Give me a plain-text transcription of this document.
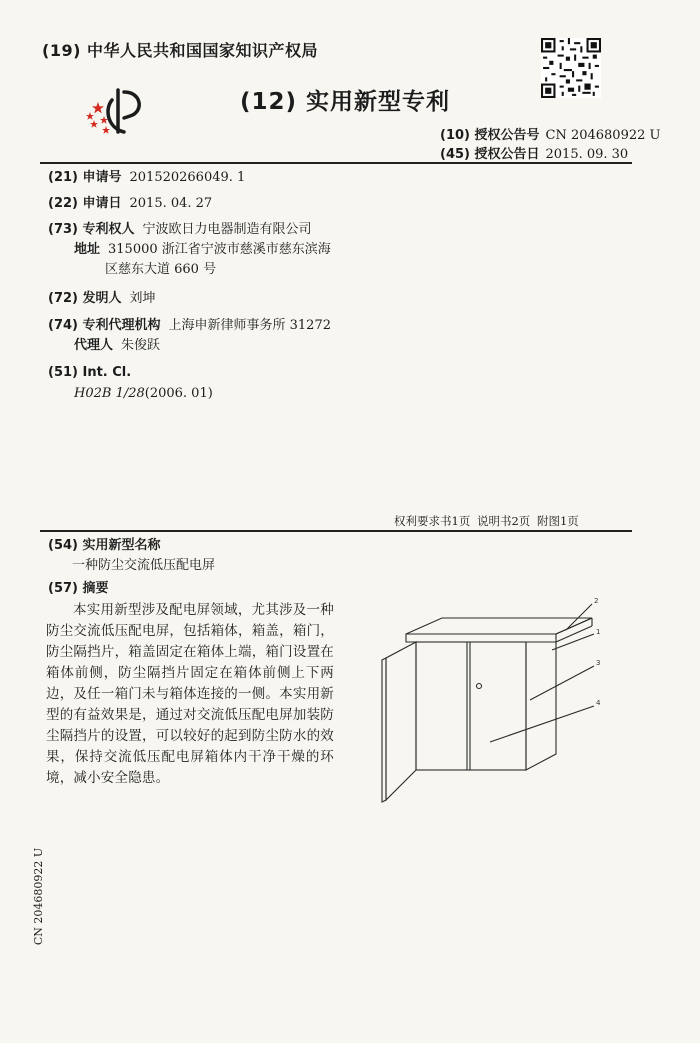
(19) 中华人民共和国国家知识产权局
(12) 实用新型专利
(10) 授权公告号 CN 204680922 U
(45) 授权公告日 2015. 09. 30
(21) 申请号 201520266049. 1
(22) 申请日 2015. 04. 27
(73) 专利权人 宁波欧日力电器制造有限公司
地址 315000 浙江省宁波市慈溪市慈东滨海
区慈东大道 660 号
(72) 发明人 刘坤
(74) 专利代理机构 上海申新律师事务所 31272
代理人 朱俊跃
(51) Int. Cl.
H02B 1/28(2006. 01)
权利要求书1页 说明书2页 附图1页
(54) 实用新型名称
一种防尘交流低压配电屏
(57) 摘要
本实用新型涉及配电屏领域，尤其涉及一种防尘交流低压配电屏，包括箱体，箱盖，箱门，防尘隔挡片，箱盖固定在箱体上端，箱门设置在箱体前侧，防尘隔挡片固定在箱体前侧上下两边，及任一箱门未与箱体连接的一侧。本实用新型的有益效果是，通过对交流低压配电屏加装防尘隔挡片的设置，可以较好的起到防尘防水的效果，保持交流低压配电屏箱体内干净干燥的环境，减小安全隐患。
2
1
3
4
CN 204680922 U
